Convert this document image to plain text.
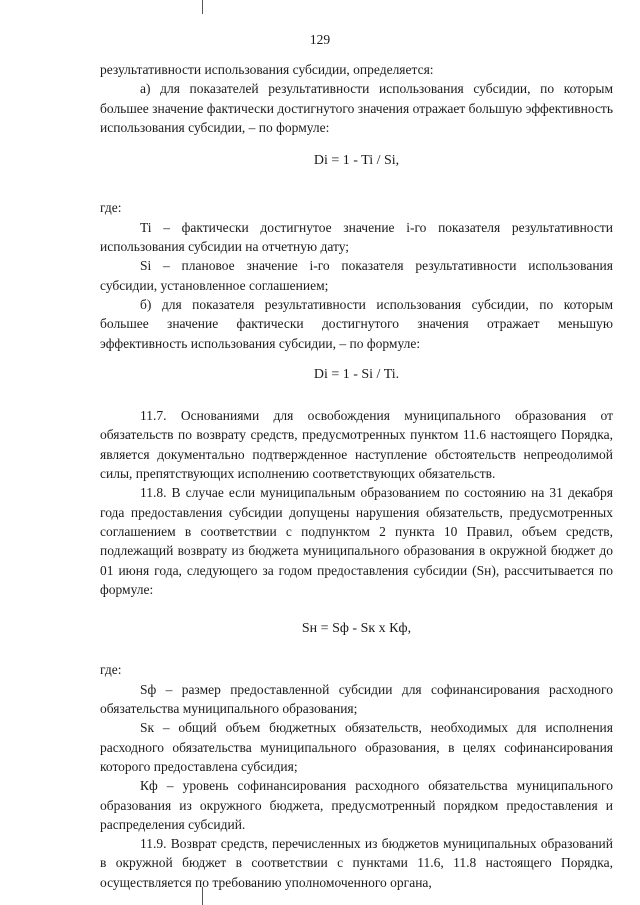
129

результативности использования субсидии, определяется:

а) для показателей результативности использования субсидии, по которым большее значение фактически достигнутого значения отражает большую эффективность использования субсидии, – по формуле:

Di = 1 - Ti / Si,

где:

Ti – фактически достигнутое значение i-го показателя результативности использования субсидии на отчетную дату;

Si – плановое значение i-го показателя результативности использования субсидии, установленное соглашением;

б) для показателя результативности использования субсидии, по которым большее значение фактически достигнутого значения отражает меньшую эффективность использования субсидии, – по формуле:

Di = 1 - Si / Ti.

11.7. Основаниями для освобождения муниципального образования от обязательств по возврату средств, предусмотренных пунктом 11.6 настоящего Порядка, является документально подтвержденное наступление обстоятельств непреодолимой силы, препятствующих исполнению соответствующих обязательств.

11.8. В случае если муниципальным образованием по состоянию на 31 декабря года предоставления субсидии допущены нарушения обязательств, предусмотренных соглашением в соответствии с подпунктом 2 пункта 10 Правил, объем средств, подлежащий возврату из бюджета муниципального образования в окружной бюджет до 01 июня года, следующего за годом предоставления субсидии (Sн), рассчитывается по формуле:

Sн = Sф - Sк x Кф,

где:

Sф – размер предоставленной субсидии для софинансирования расходного обязательства муниципального образования;

Sк – общий объем бюджетных обязательств, необходимых для исполнения расходного обязательства муниципального образования, в целях софинансирования которого предоставлена субсидия;

Кф – уровень софинансирования расходного обязательства муниципального образования из окружного бюджета, предусмотренный порядком предоставления и распределения субсидий.

11.9. Возврат средств, перечисленных из бюджетов муниципальных образований в окружной бюджет в соответствии с пунктами 11.6, 11.8 настоящего Порядка, осуществляется по требованию уполномоченного органа,
